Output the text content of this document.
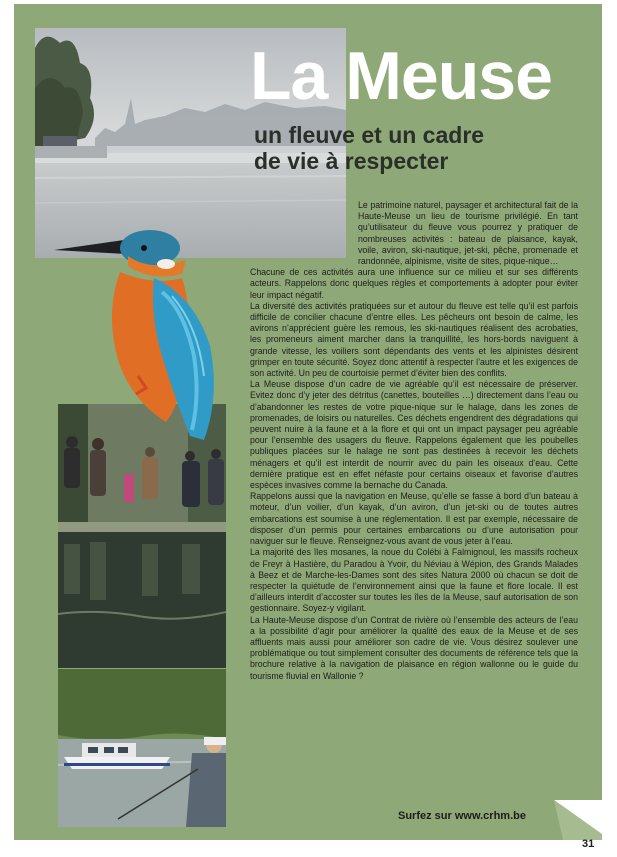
La Meuse
un fleuve et un cadre
de vie à respecter

Le patrimoine naturel, paysager et architectural fait de la Haute-Meuse un lieu de tourisme privilégié. En tant qu’utilisateur du fleuve vous pourrez y pratiquer de nombreuses activités : bateau de plaisance, kayak, voile, aviron, ski-nautique, jet-ski, pêche, promenade et randonnée, alpinisme, visite de sites, pique-nique…

Chacune de ces activités aura une influence sur ce milieu et sur ses différents acteurs. Rappelons donc quelques règles et comportements à adopter pour éviter leur impact négatif.

La diversité des activités pratiquées sur et autour du fleuve est telle qu’il est parfois difficile de concilier chacune d’entre elles. Les pêcheurs ont besoin de calme, les avirons n’apprécient guère les remous, les ski-nautiques réalisent des acrobaties, les promeneurs aiment marcher dans la tranquillité, les hors-bords naviguent à grande vitesse, les voiliers sont dépendants des vents et les alpinistes désirent grimper en toute sécurité. Soyez donc attentif à respecter l’autre et les exigences de son activité. Un peu de courtoisie permet d’éviter bien des conflits.

La Meuse dispose d’un cadre de vie agréable qu’il est nécessaire de préserver. Evitez donc d’y jeter des détritus (canettes, bouteilles …) directement dans l’eau ou d’abandonner les restes de votre pique-nique sur le halage, dans les zones de promenades, de loisirs ou naturelles. Ces déchets engendrent des dégradations qui peuvent nuire à la faune et à la flore et qui ont un impact paysager peu agréable pour l’ensemble des usagers du fleuve. Rappelons également que les poubelles publiques placées sur le halage ne sont pas destinées à recevoir les déchets ménagers et qu’il est interdit de nourrir avec du pain les oiseaux d’eau. Cette dernière pratique est en effet néfaste pour certains oiseaux et favorise d’autres espèces invasives comme la bernache du Canada.

Rappelons aussi que la navigation en Meuse, qu’elle se fasse à bord d’un bateau à moteur, d’un voilier, d’un kayak, d’un aviron, d’un jet-ski ou de toutes autres embarcations est soumise à une réglementation. Il est par exemple, nécessaire de disposer d’un permis pour certaines embarcations ou d’une autorisation pour naviguer sur le fleuve. Renseignez-vous avant de vous jeter à l’eau.

La majorité des îles mosanes, la noue du Colébi à Falmignoul, les massifs rocheux de Freyr à Hastière, du Paradou à Yvoir, du Néviau à Wépion, des Grands Malades à Beez et de Marche-les-Dames sont des sites Natura 2000 où chacun se doit de respecter la quiétude de l’environnement ainsi que la faune et flore locale. Il est d’ailleurs interdit d’accoster sur toutes les îles de la Meuse, sauf autorisation de son gestionnaire. Soyez-y vigilant.

La Haute-Meuse dispose d’un Contrat de rivière où l’ensemble des acteurs de l’eau a la possibilité d’agir pour améliorer la qualité des eaux de la Meuse et de ses affluents mais aussi pour améliorer son cadre de vie. Vous désirez soulever une problématique ou tout simplement consulter des documents de référence tels que la brochure relative à la navigation de plaisance en région wallonne ou le guide du tourisme fluvial en Wallonie ?

Surfez sur www.crhm.be
31
